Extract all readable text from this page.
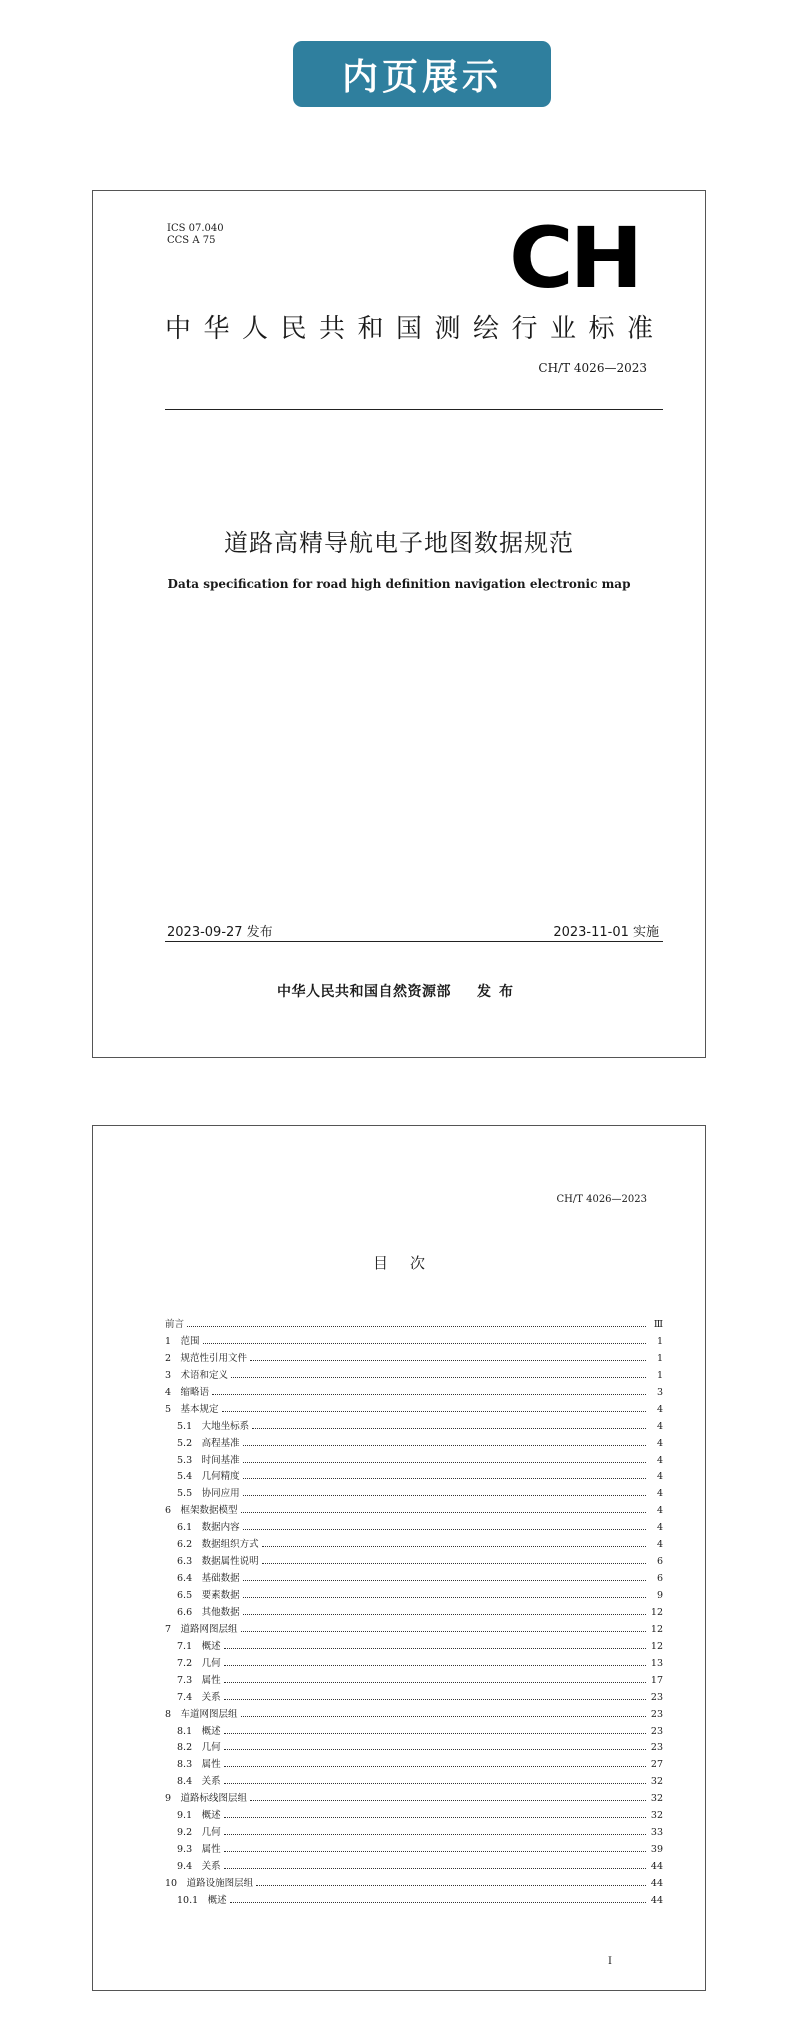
内页展示
ICS 07.040
CCS A 75	CH
中华人民共和国测绘行业标准
CH/T 4026—2023
道路高精导航电子地图数据规范
Data specification for road high definition navigation electronic map
2023-09-27 发布	2023-11-01 实施
中华人民共和国自然资源部 发布
CH/T 4026—2023
目次
前言	Ⅲ
1　范围	1
2　规范性引用文件	1
3　术语和定义	1
4　缩略语	3
5　基本规定	4
5.1　大地坐标系	4
5.2　高程基准	4
5.3　时间基准	4
5.4　几何精度	4
5.5　协同应用	4
6　框架数据模型	4
6.1　数据内容	4
6.2　数据组织方式	4
6.3　数据属性说明	6
6.4　基础数据	6
6.5　要素数据	9
6.6　其他数据	12
7　道路网图层组	12
7.1　概述	12
7.2　几何	13
7.3　属性	17
7.4　关系	23
8　车道网图层组	23
8.1　概述	23
8.2　几何	23
8.3　属性	27
8.4　关系	32
9　道路标线图层组	32
9.1　概述	32
9.2　几何	33
9.3　属性	39
9.4　关系	44
10　道路设施图层组	44
10.1　概述	44
I
